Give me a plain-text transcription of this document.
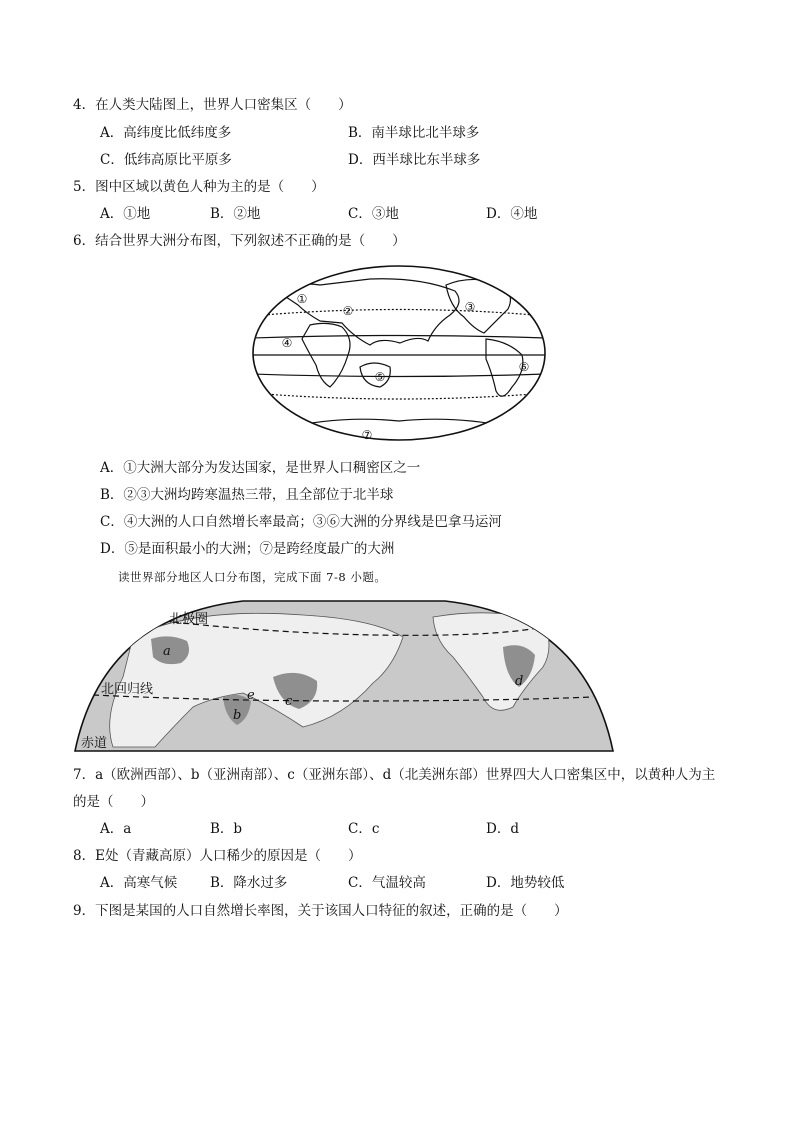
4．在人类大陆图上，世界人口密集区（　　）
A．高纬度比低纬度多	B．南半球比北半球多
C．低纬高原比平原多	D．西半球比东半球多
5．图中区域以黄色人种为主的是（　　）
A．①地	B．②地	C．③地	D．④地
6．结合世界大洲分布图，下列叙述不正确的是（　　）
①
②	③
④
⑤
⑥
⑦
A．①大洲大部分为发达国家，是世界人口稠密区之一
B．②③大洲均跨寒温热三带，且全部位于北半球
C．④大洲的人口自然增长率最高；③⑥大洲的分界线是巴拿马运河
D．⑤是面积最小的大洲；⑦是跨经度最广的大洲
读世界部分地区人口分布图，完成下面 7-8 小题。
北极圈
北回归线
赤道
a
b
c
d
e
7．a（欧洲西部）、b（亚洲南部）、c（亚洲东部）、d（北美洲东部）世界四大人口密集区中，以黄种人为主
的是（　　）
A．a	B．b	C．c	D．d
8．E处（青藏高原）人口稀少的原因是（　　）
A．高寒气候 B．降水过多	C．气温较高	D．地势较低
9．下图是某国的人口自然增长率图，关于该国人口特征的叙述，正确的是（　　）
